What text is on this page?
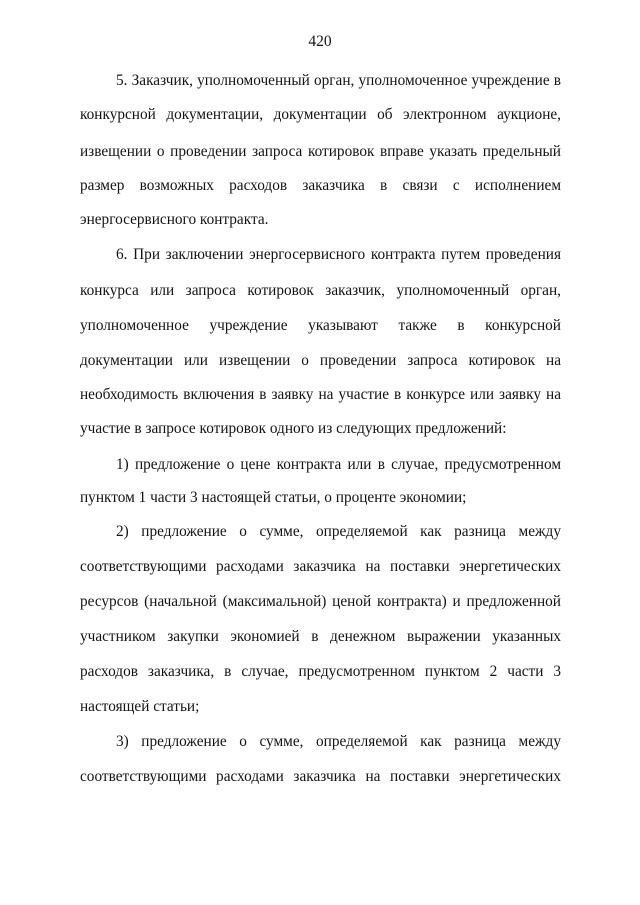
420
5. Заказчик, уполномоченный орган, уполномоченное учреждение в
конкурсной документации, документации об электронном аукционе,
извещении о проведении запроса котировок вправе указать предельный
размер возможных расходов заказчика в связи с исполнением
энергосервисного контракта.
6. При заключении энергосервисного контракта путем проведения
конкурса или запроса котировок заказчик, уполномоченный орган,
уполномоченное учреждение указывают также в конкурсной
документации или извещении о проведении запроса котировок на
необходимость включения в заявку на участие в конкурсе или заявку на
участие в запросе котировок одного из следующих предложений:
1) предложение о цене контракта или в случае, предусмотренном
пунктом 1 части 3 настоящей статьи, о проценте экономии;
2) предложение о сумме, определяемой как разница между
соответствующими расходами заказчика на поставки энергетических
ресурсов (начальной (максимальной) ценой контракта) и предложенной
участником закупки экономией в денежном выражении указанных
расходов заказчика, в случае, предусмотренном пунктом 2 части 3
настоящей статьи;
3) предложение о сумме, определяемой как разница между
соответствующими расходами заказчика на поставки энергетических
